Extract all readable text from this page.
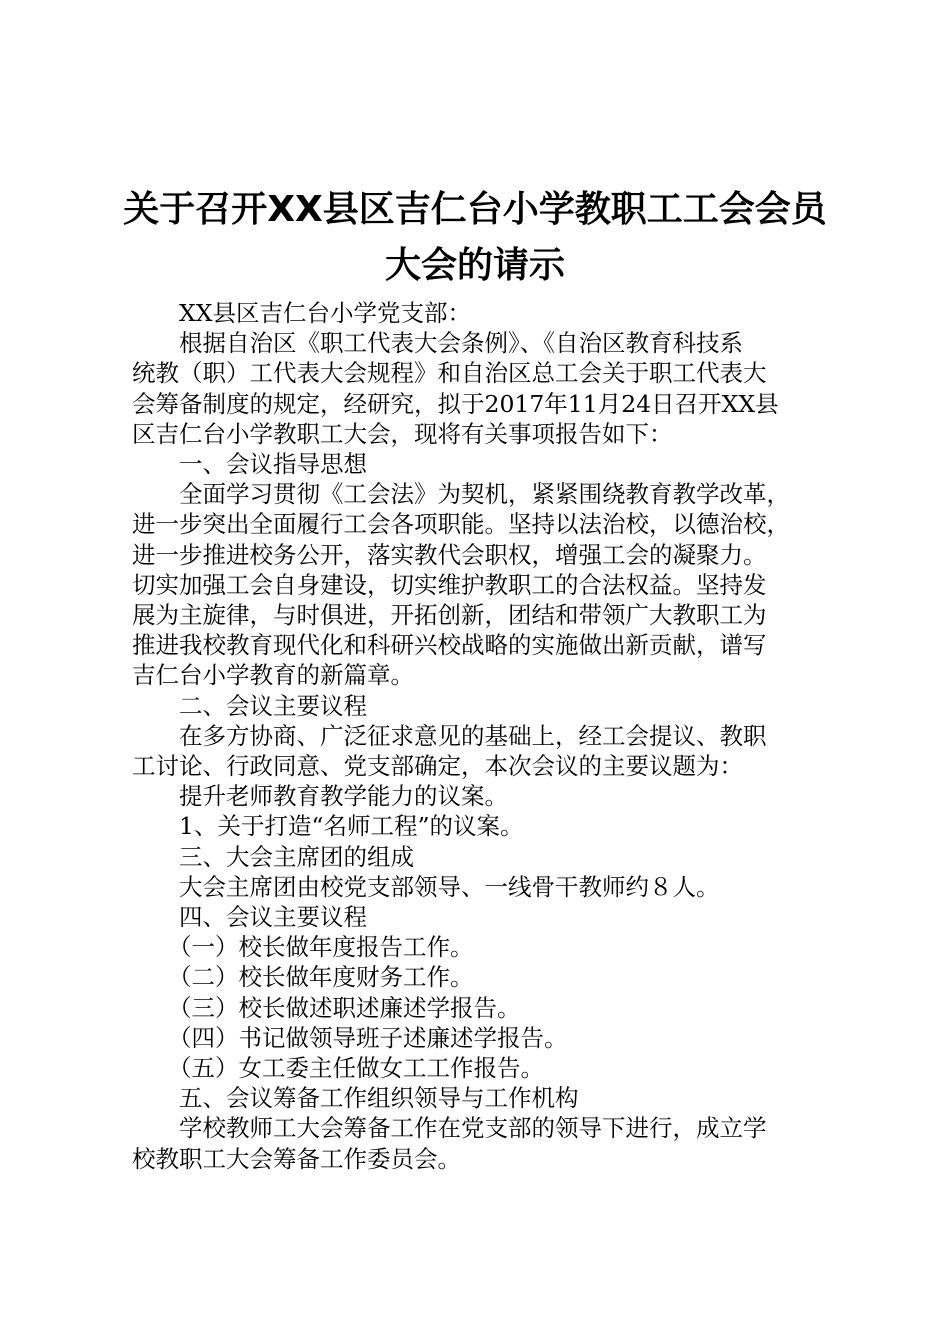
关于召开XX县区吉仁台小学教职工工会会员
大会的请示
XX县区吉仁台小学党支部：
根据自治区《职工代表大会条例》、《自治区教育科技系
统教（职）工代表大会规程》和自治区总工会关于职工代表大
会筹备制度的规定，经研究，拟于2017年11月24日召开XX县
区吉仁台小学教职工大会，现将有关事项报告如下：
一、会议指导思想
全面学习贯彻《工会法》为契机，紧紧围绕教育教学改革，
进一步突出全面履行工会各项职能。坚持以法治校，以德治校，
进一步推进校务公开，落实教代会职权，增强工会的凝聚力。
切实加强工会自身建设，切实维护教职工的合法权益。坚持发
展为主旋律，与时俱进，开拓创新，团结和带领广大教职工为
推进我校教育现代化和科研兴校战略的实施做出新贡献，谱写
吉仁台小学教育的新篇章。
二、会议主要议程
在多方协商、广泛征求意见的基础上，经工会提议、教职
工讨论、行政同意、党支部确定，本次会议的主要议题为：
提升老师教育教学能力的议案。
1、关于打造“名师工程”的议案。
三、大会主席团的组成
大会主席团由校党支部领导、一线骨干教师约８人。
四、会议主要议程
（一）校长做年度报告工作。
（二）校长做年度财务工作。
（三）校长做述职述廉述学报告。
（四）书记做领导班子述廉述学报告。
（五）女工委主任做女工工作报告。
五、会议筹备工作组织领导与工作机构
学校教师工大会筹备工作在党支部的领导下进行，成立学
校教职工大会筹备工作委员会。
